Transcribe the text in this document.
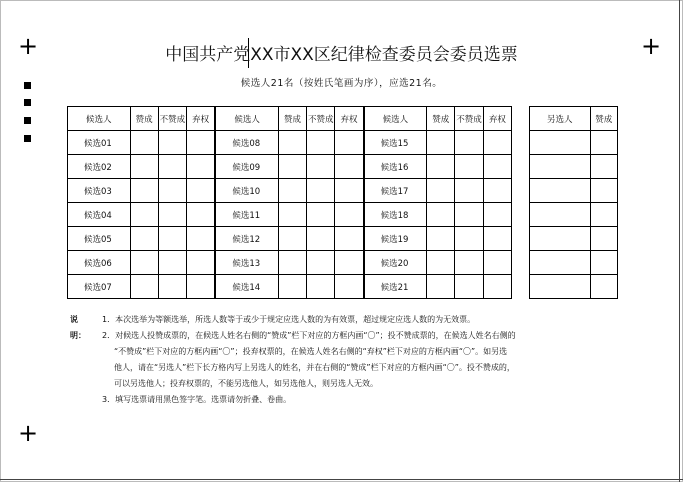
+	+
+
中国共产党XX市XX区纪律检查委员会委员选票
候选人21名（按姓氏笔画为序），应选21名。
候选人	赞成	不赞成	弃权	候选人	赞成	不赞成	弃权	候选人	赞成	不赞成	弃权
候选01				候选08				候选15			
候选02				候选09				候选16			
候选03				候选10				候选17			
候选04				候选11				候选18			
候选05				候选12				候选19			
候选06				候选13				候选20			
候选07				候选14				候选21			
另选人	赞成

说明：
1．本次选举为等额选举，所选人数等于或少于规定应选人数的为有效票，超过规定应选人数的为无效票。
2．对候选人投赞成票的，在候选人姓名右侧的“赞成”栏下对应的方框内画“〇”；投不赞成票的，在候选人姓名右侧的
“不赞成”栏下对应的方框内画“〇”；投弃权票的，在候选人姓名右侧的“弃权”栏下对应的方框内画“〇”。如另选
他人，请在“另选人”栏下长方格内写上另选人的姓名，并在右侧的“赞成”栏下对应的方框内画“〇”。投不赞成的，
可以另选他人；投弃权票的，不能另选他人，如另选他人，则另选人无效。
3．填写选票请用黑色签字笔。选票请勿折叠、卷曲。
